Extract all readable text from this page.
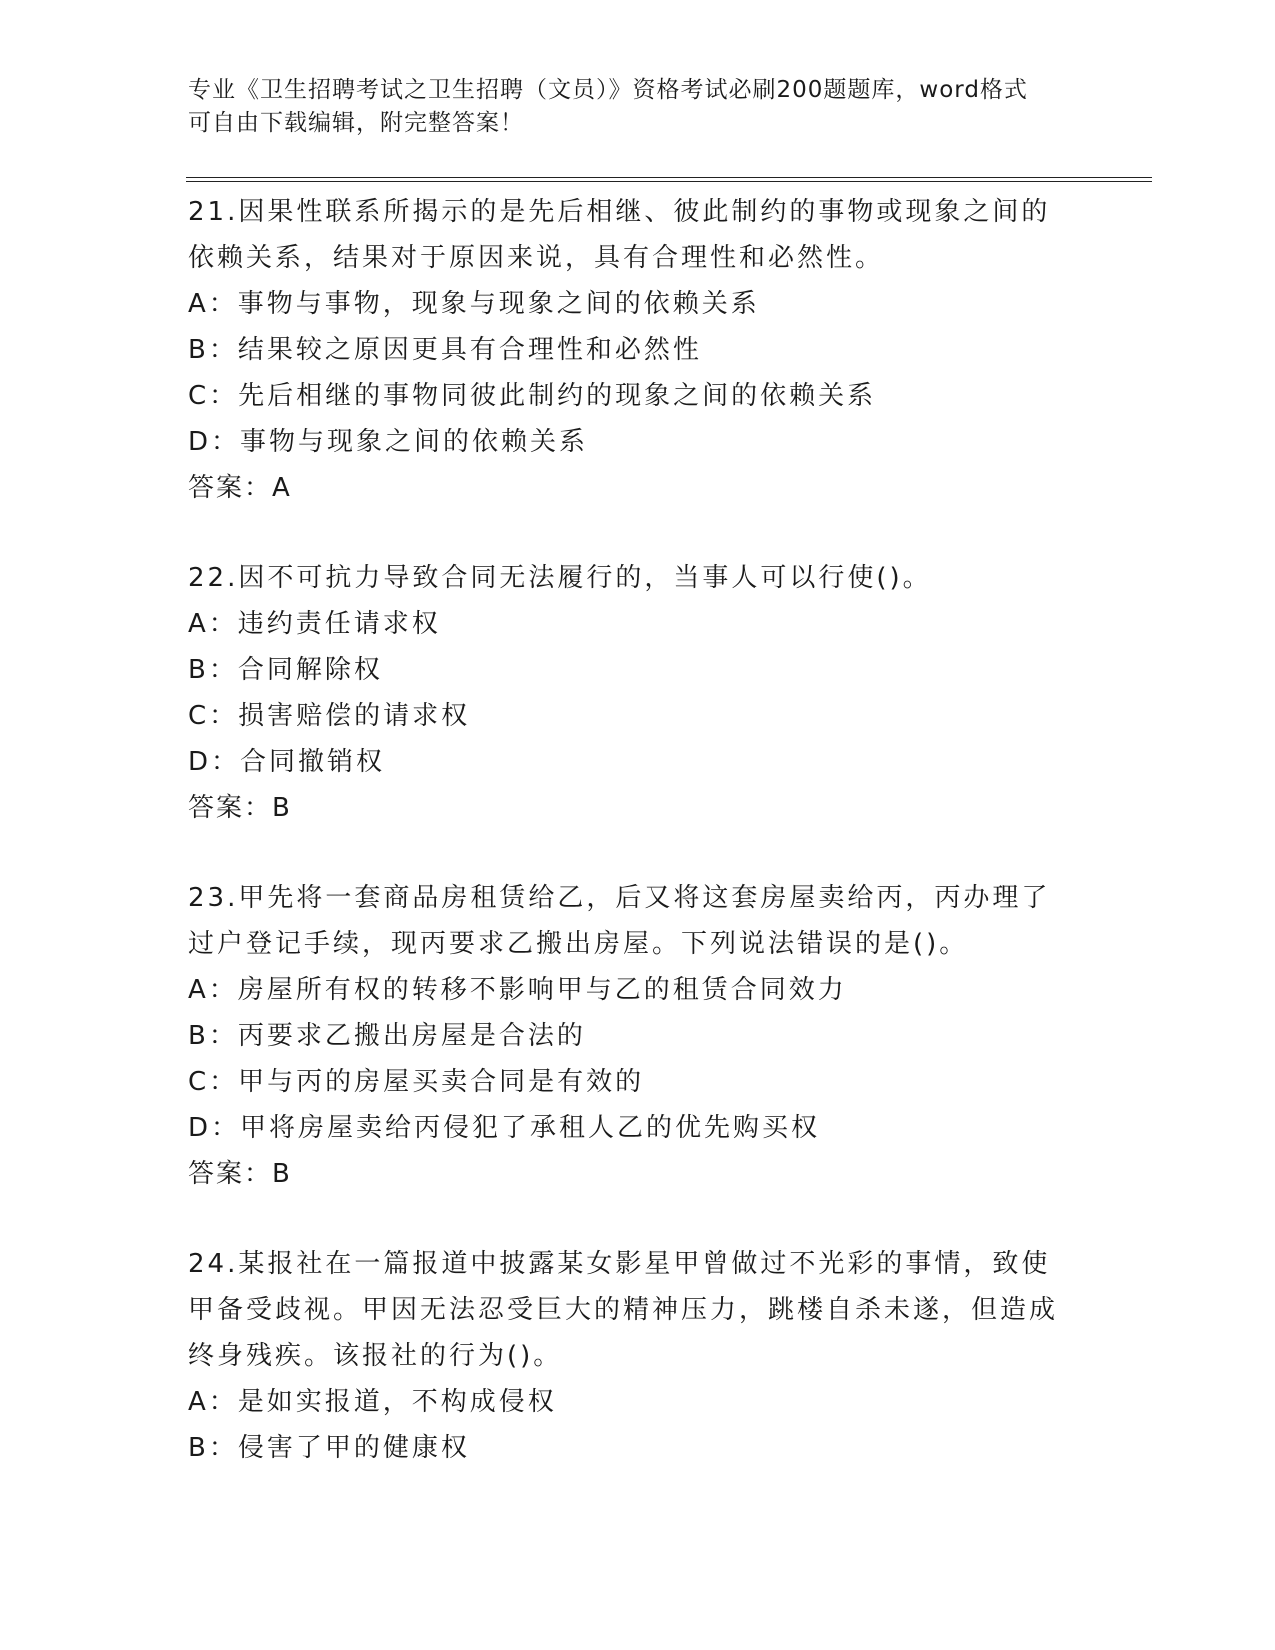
专业《卫生招聘考试之卫生招聘（文员）》资格考试必刷200题题库，word格式
可自由下载编辑，附完整答案！
21.因果性联系所揭示的是先后相继、彼此制约的事物或现象之间的依赖关系，结果对于原因来说，具有合理性和必然性。
A：事物与事物，现象与现象之间的依赖关系
B：结果较之原因更具有合理性和必然性
C：先后相继的事物同彼此制约的现象之间的依赖关系
D：事物与现象之间的依赖关系
答案：A
22.因不可抗力导致合同无法履行的，当事人可以行使()。
A：违约责任请求权
B：合同解除权
C：损害赔偿的请求权
D：合同撤销权
答案：B
23.甲先将一套商品房租赁给乙，后又将这套房屋卖给丙，丙办理了过户登记手续，现丙要求乙搬出房屋。下列说法错误的是()。
A：房屋所有权的转移不影响甲与乙的租赁合同效力
B：丙要求乙搬出房屋是合法的
C：甲与丙的房屋买卖合同是有效的
D：甲将房屋卖给丙侵犯了承租人乙的优先购买权
答案：B
24.某报社在一篇报道中披露某女影星甲曾做过不光彩的事情，致使甲备受歧视。甲因无法忍受巨大的精神压力，跳楼自杀未遂，但造成终身残疾。该报社的行为()。
A：是如实报道，不构成侵权
B：侵害了甲的健康权
